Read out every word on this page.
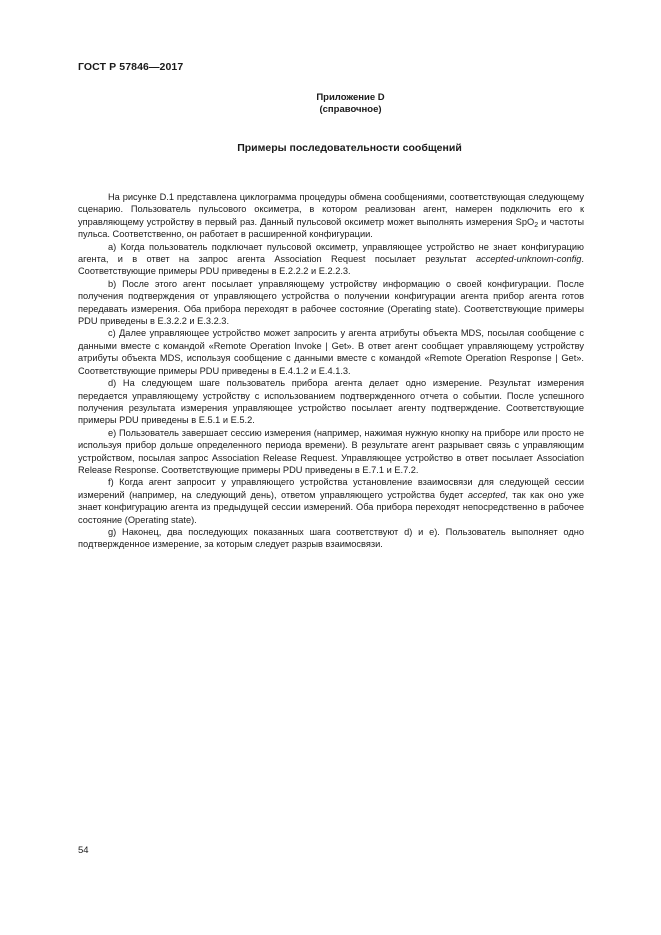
ГОСТ Р 57846—2017
Приложение D
(справочное)
Примеры последовательности сообщений

На рисунке D.1 представлена циклограмма процедуры обмена сообщениями, соответствующая следующему сценарию. Пользователь пульсового оксиметра, в котором реализован агент, намерен подключить его к управляющему устройству в первый раз. Данный пульсовой оксиметр может выполнять измерения SpO$_2$ и частоты пульса. Соответственно, он работает в расширенной конфигурации.

a) Когда пользователь подключает пульсовой оксиметр, управляющее устройство не знает конфигурацию агента, и в ответ на запрос агента Association Request посылает результат accepted-unknown-config. Соответствующие примеры PDU приведены в E.2.2.2 и E.2.2.3.

b) После этого агент посылает управляющему устройству информацию о своей конфигурации. После получения подтверждения от управляющего устройства о получении конфигурации агента прибор агента готов передавать измерения. Оба прибора переходят в рабочее состояние (Operating state). Соответствующие примеры PDU приведены в E.3.2.2 и E.3.2.3.

c) Далее управляющее устройство может запросить у агента атрибуты объекта MDS, посылая сообщение с данными вместе с командой «Remote Operation Invoke | Get». В ответ агент сообщает управляющему устройству атрибуты объекта MDS, используя сообщение с данными вместе с командой «Remote Operation Response | Get». Соответствующие примеры PDU приведены в E.4.1.2 и E.4.1.3.

d) На следующем шаге пользователь прибора агента делает одно измерение. Результат измерения передается управляющему устройству с использованием подтвержденного отчета о событии. После успешного получения результата измерения управляющее устройство посылает агенту подтверждение. Соответствующие примеры PDU приведены в E.5.1 и E.5.2.

e) Пользователь завершает сессию измерения (например, нажимая нужную кнопку на приборе или просто не используя прибор дольше определенного периода времени). В результате агент разрывает связь с управляющим устройством, посылая запрос Association Release Request. Управляющее устройство в ответ посылает Association Release Response. Соответствующие примеры PDU приведены в E.7.1 и E.7.2.

f) Когда агент запросит у управляющего устройства установление взаимосвязи для следующей сессии измерений (например, на следующий день), ответом управляющего устройства будет accepted, так как оно уже знает конфигурацию агента из предыдущей сессии измерений. Оба прибора переходят непосредственно в рабочее состояние (Operating state).

g) Наконец, два последующих показанных шага соответствуют d) и e). Пользователь выполняет одно подтвержденное измерение, за которым следует разрыв взаимосвязи.

54
